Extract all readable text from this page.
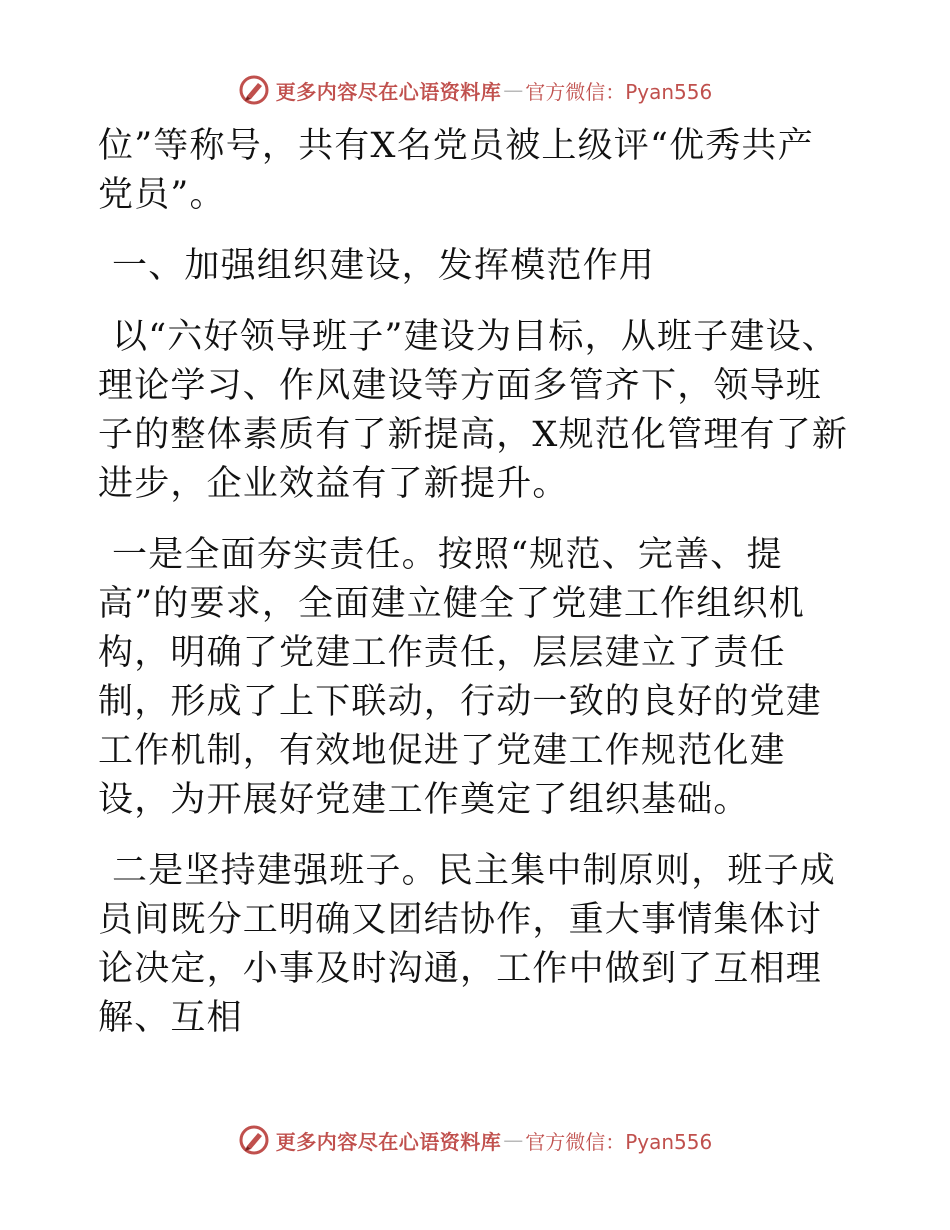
更多内容尽在心语资料库 — 官方微信：Pyan556

位”等称号，共有X名党员被上级评“优秀共产党员”。

一、加强组织建设，发挥模范作用

以“六好领导班子”建设为目标，从班子建设、理论学习、作风建设等方面多管齐下，领导班子的整体素质有了新提高，X规范化管理有了新进步，企业效益有了新提升。

一是全面夯实责任。按照“规范、完善、提高”的要求，全面建立健全了党建工作组织机构，明确了党建工作责任，层层建立了责任制，形成了上下联动，行动一致的良好的党建工作机制，有效地促进了党建工作规范化建设，为开展好党建工作奠定了组织基础。

二是坚持建强班子。民主集中制原则，班子成员间既分工明确又团结协作，重大事情集体讨论决定，小事及时沟通，工作中做到了互相理解、互相

更多内容尽在心语资料库 — 官方微信：Pyan556
